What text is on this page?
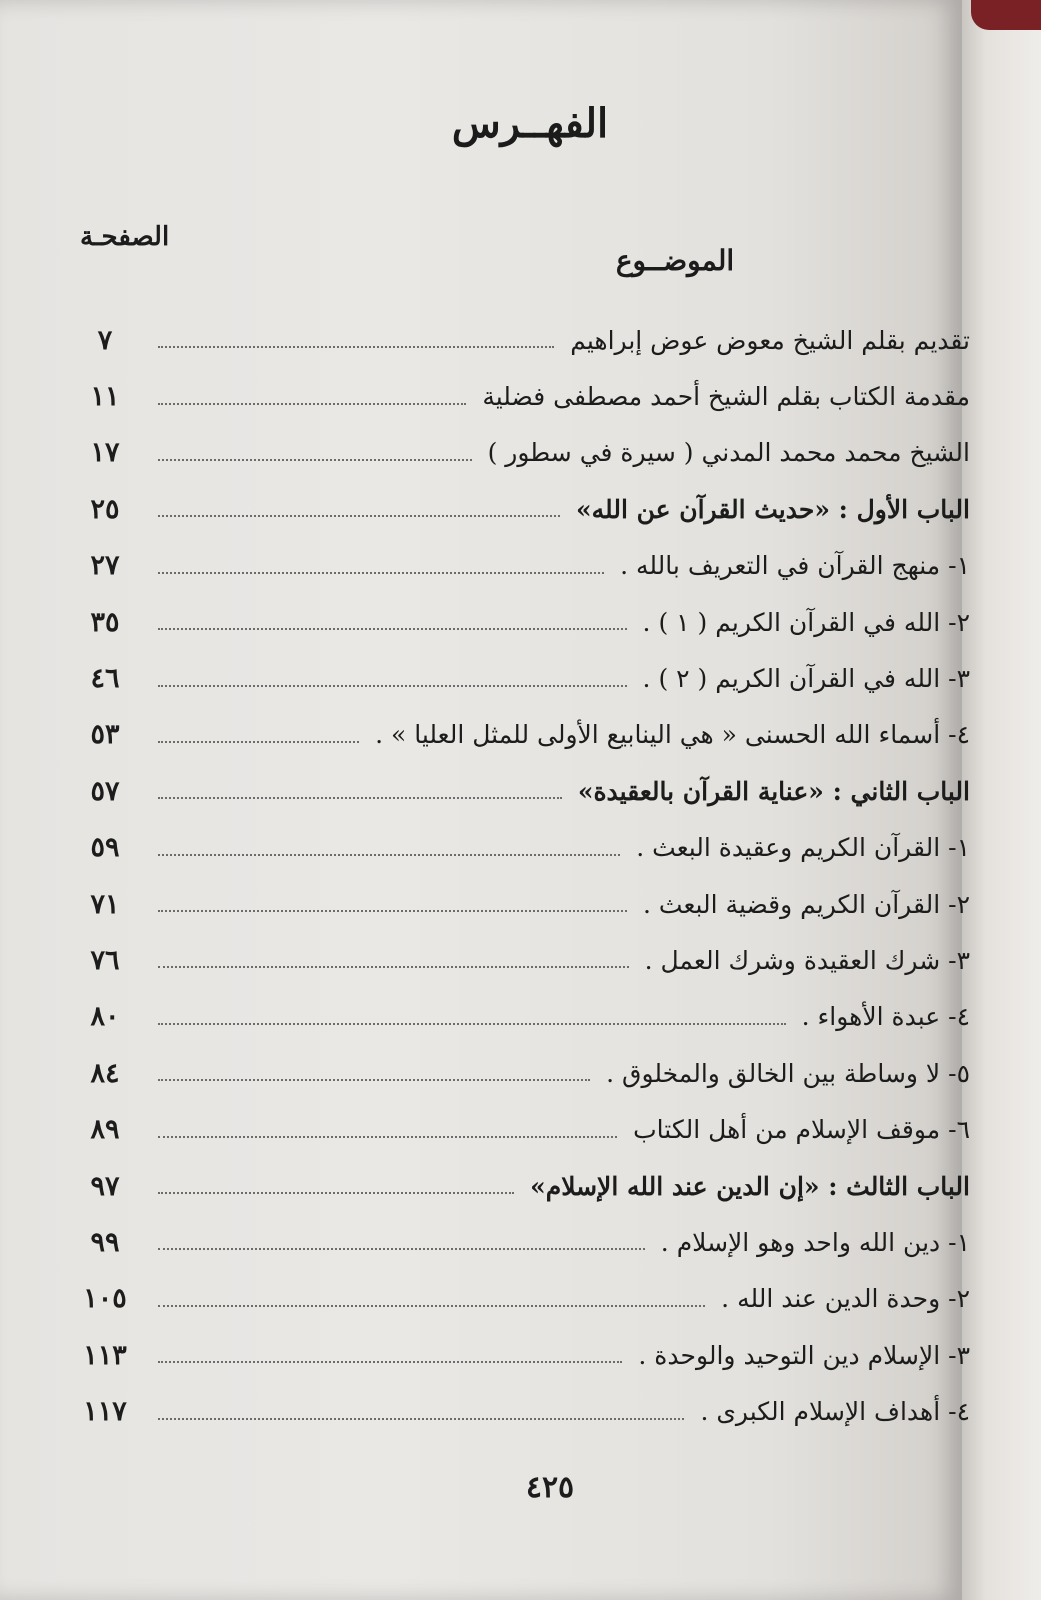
الفهــرس
الصفحـة
الموضــوع
تقديم بقلم الشيخ معوض عوض إبراهيم
٧
مقدمة الكتاب بقلم الشيخ أحمد مصطفى فضلية
١١
الشيخ محمد محمد المدني ( سيرة في سطور )
١٧
الباب الأول : «حديث القرآن عن الله»
٢٥
١- منهج القرآن في التعريف بالله .
٢٧
٢- الله في القرآن الكريم ( ١ ) .
٣٥
٣- الله في القرآن الكريم ( ٢ ) .
٤٦
٤- أسماء الله الحسنى « هي الينابيع الأولى للمثل العليا » .
٥٣
الباب الثاني : «عناية القرآن بالعقيدة»
٥٧
١- القرآن الكريم وعقيدة البعث .
٥٩
٢- القرآن الكريم وقضية البعث .
٧١
٣- شرك العقيدة وشرك العمل .
٧٦
٤- عبدة الأهواء .
٨٠
٥- لا وساطة بين الخالق والمخلوق .
٨٤
٦- موقف الإسلام من أهل الكتاب
٨٩
الباب الثالث : «إن الدين عند الله الإسلام»
٩٧
١- دين الله واحد وهو الإسلام .
٩٩
٢- وحدة الدين عند الله .
١٠٥
٣- الإسلام دين التوحيد والوحدة .
١١٣
٤- أهداف الإسلام الكبرى .
١١٧
٤٢٥
